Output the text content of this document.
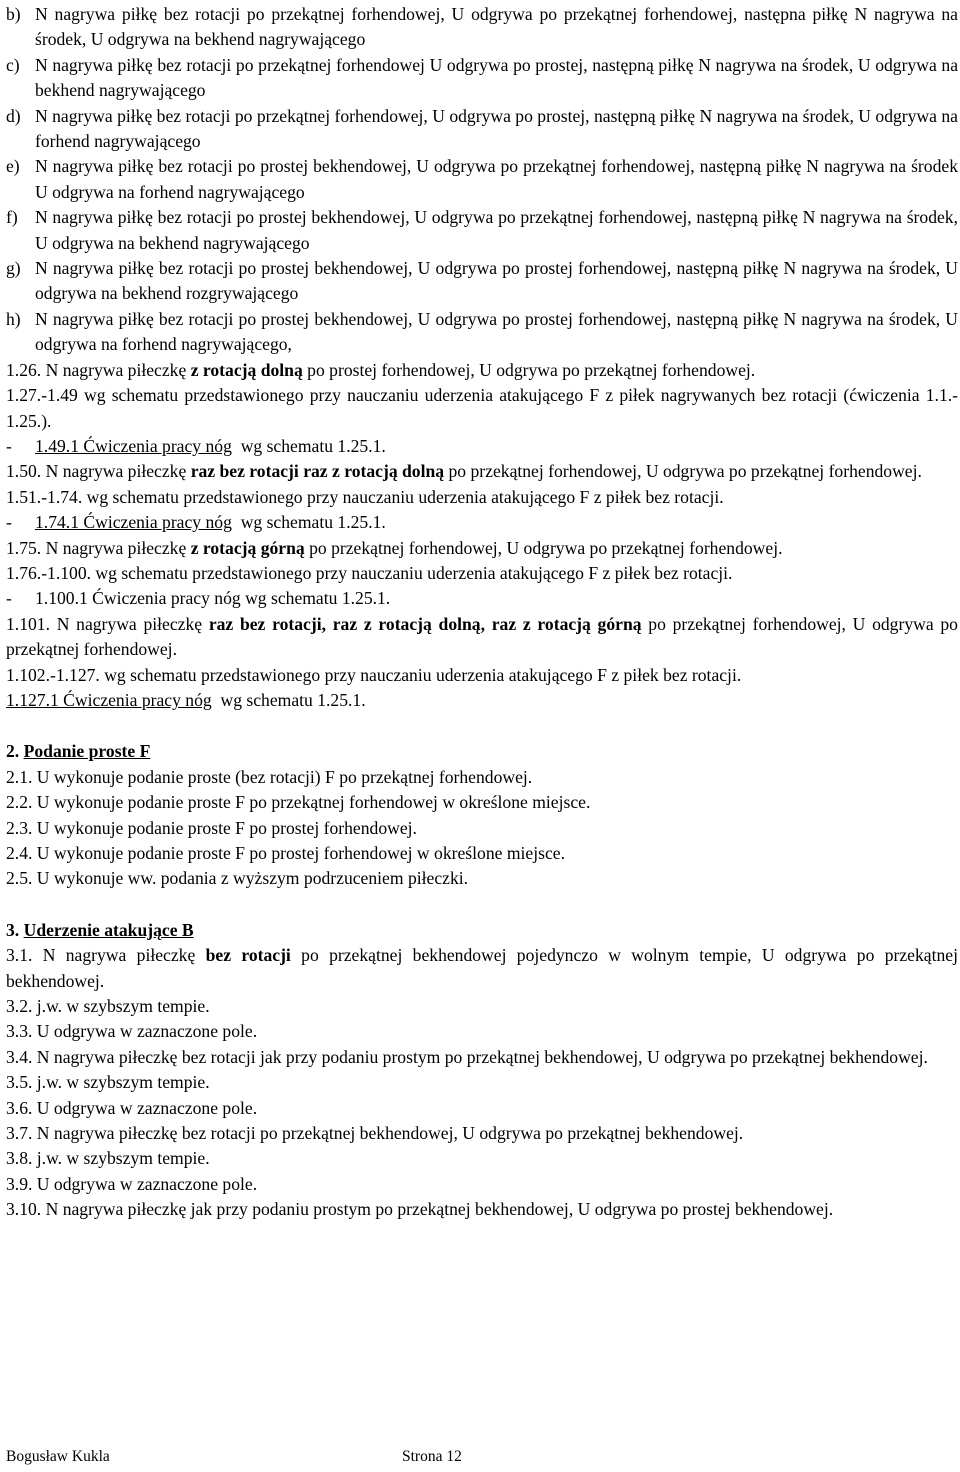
b) N nagrywa piłkę bez rotacji po przekątnej forhendowej, U odgrywa po przekątnej forhendowej, następna piłkę N nagrywa na środek, U odgrywa na bekhend nagrywającego

c) N nagrywa piłkę bez rotacji po przekątnej forhendowej U odgrywa po prostej, następną piłkę N nagrywa na środek, U odgrywa na bekhend nagrywającego

d) N nagrywa piłkę bez rotacji po przekątnej forhendowej, U odgrywa po prostej, następną piłkę N nagrywa na środek, U odgrywa na forhend nagrywającego

e) N nagrywa piłkę bez rotacji po prostej bekhendowej, U odgrywa po przekątnej forhendowej, następną piłkę N nagrywa na środek U odgrywa na forhend nagrywającego

f) N nagrywa piłkę bez rotacji po prostej bekhendowej, U odgrywa po przekątnej forhendowej, następną piłkę N nagrywa na środek, U odgrywa na bekhend nagrywającego

g) N nagrywa piłkę bez rotacji po prostej bekhendowej, U odgrywa po prostej forhendowej, następną piłkę N nagrywa na środek, U odgrywa na bekhend rozgrywającego

h) N nagrywa piłkę bez rotacji po prostej bekhendowej, U odgrywa po prostej forhendowej, następną piłkę N nagrywa na środek, U odgrywa na forhend nagrywającego,

1.26. N nagrywa piłeczkę z rotacją dolną po prostej forhendowej, U odgrywa po przekątnej forhendowej.

1.27.-1.49 wg schematu przedstawionego przy nauczaniu uderzenia atakującego F z piłek nagrywanych bez rotacji (ćwiczenia 1.1.- 1.25.).

- 1.49.1 Ćwiczenia pracy nóg wg schematu 1.25.1.

1.50. N nagrywa piłeczkę raz bez rotacji raz z rotacją dolną po przekątnej forhendowej, U odgrywa po przekątnej forhendowej.

1.51.-1.74. wg schematu przedstawionego przy nauczaniu uderzenia atakującego F z piłek bez rotacji.

- 1.74.1 Ćwiczenia pracy nóg wg schematu 1.25.1.

1.75. N nagrywa piłeczkę z rotacją górną po przekątnej forhendowej, U odgrywa po przekątnej forhendowej.

1.76.-1.100. wg schematu przedstawionego przy nauczaniu uderzenia atakującego F z piłek bez rotacji.

- 1.100.1 Ćwiczenia pracy nóg wg schematu 1.25.1.

1.101. N nagrywa piłeczkę raz bez rotacji, raz z rotacją dolną, raz z rotacją górną po przekątnej forhendowej, U odgrywa po przekątnej forhendowej.

1.102.-1.127. wg schematu przedstawionego przy nauczaniu uderzenia atakującego F z piłek bez rotacji.

1.127.1 Ćwiczenia pracy nóg wg schematu 1.25.1.

2. Podanie proste F

2.1. U wykonuje podanie proste (bez rotacji) F po przekątnej forhendowej.

2.2. U wykonuje podanie proste F po przekątnej forhendowej w określone miejsce.

2.3. U wykonuje podanie proste F po prostej forhendowej.

2.4. U wykonuje podanie proste F po prostej forhendowej w określone miejsce.

2.5. U wykonuje ww. podania z wyższym podrzuceniem piłeczki.

3. Uderzenie atakujące B

3.1. N nagrywa piłeczkę bez rotacji po przekątnej bekhendowej pojedynczo w wolnym tempie, U odgrywa po przekątnej bekhendowej.

3.2. j.w. w szybszym tempie.

3.3. U odgrywa w zaznaczone pole.

3.4. N nagrywa piłeczkę bez rotacji jak przy podaniu prostym po przekątnej bekhendowej, U odgrywa po przekątnej bekhendowej.

3.5. j.w. w szybszym tempie.

3.6. U odgrywa w zaznaczone pole.

3.7. N nagrywa piłeczkę bez rotacji po przekątnej bekhendowej, U odgrywa po przekątnej bekhendowej.

3.8. j.w. w szybszym tempie.

3.9. U odgrywa w zaznaczone pole.

3.10. N nagrywa piłeczkę jak przy podaniu prostym po przekątnej bekhendowej, U odgrywa po prostej bekhendowej.

Bogusław Kukla	Strona 12
